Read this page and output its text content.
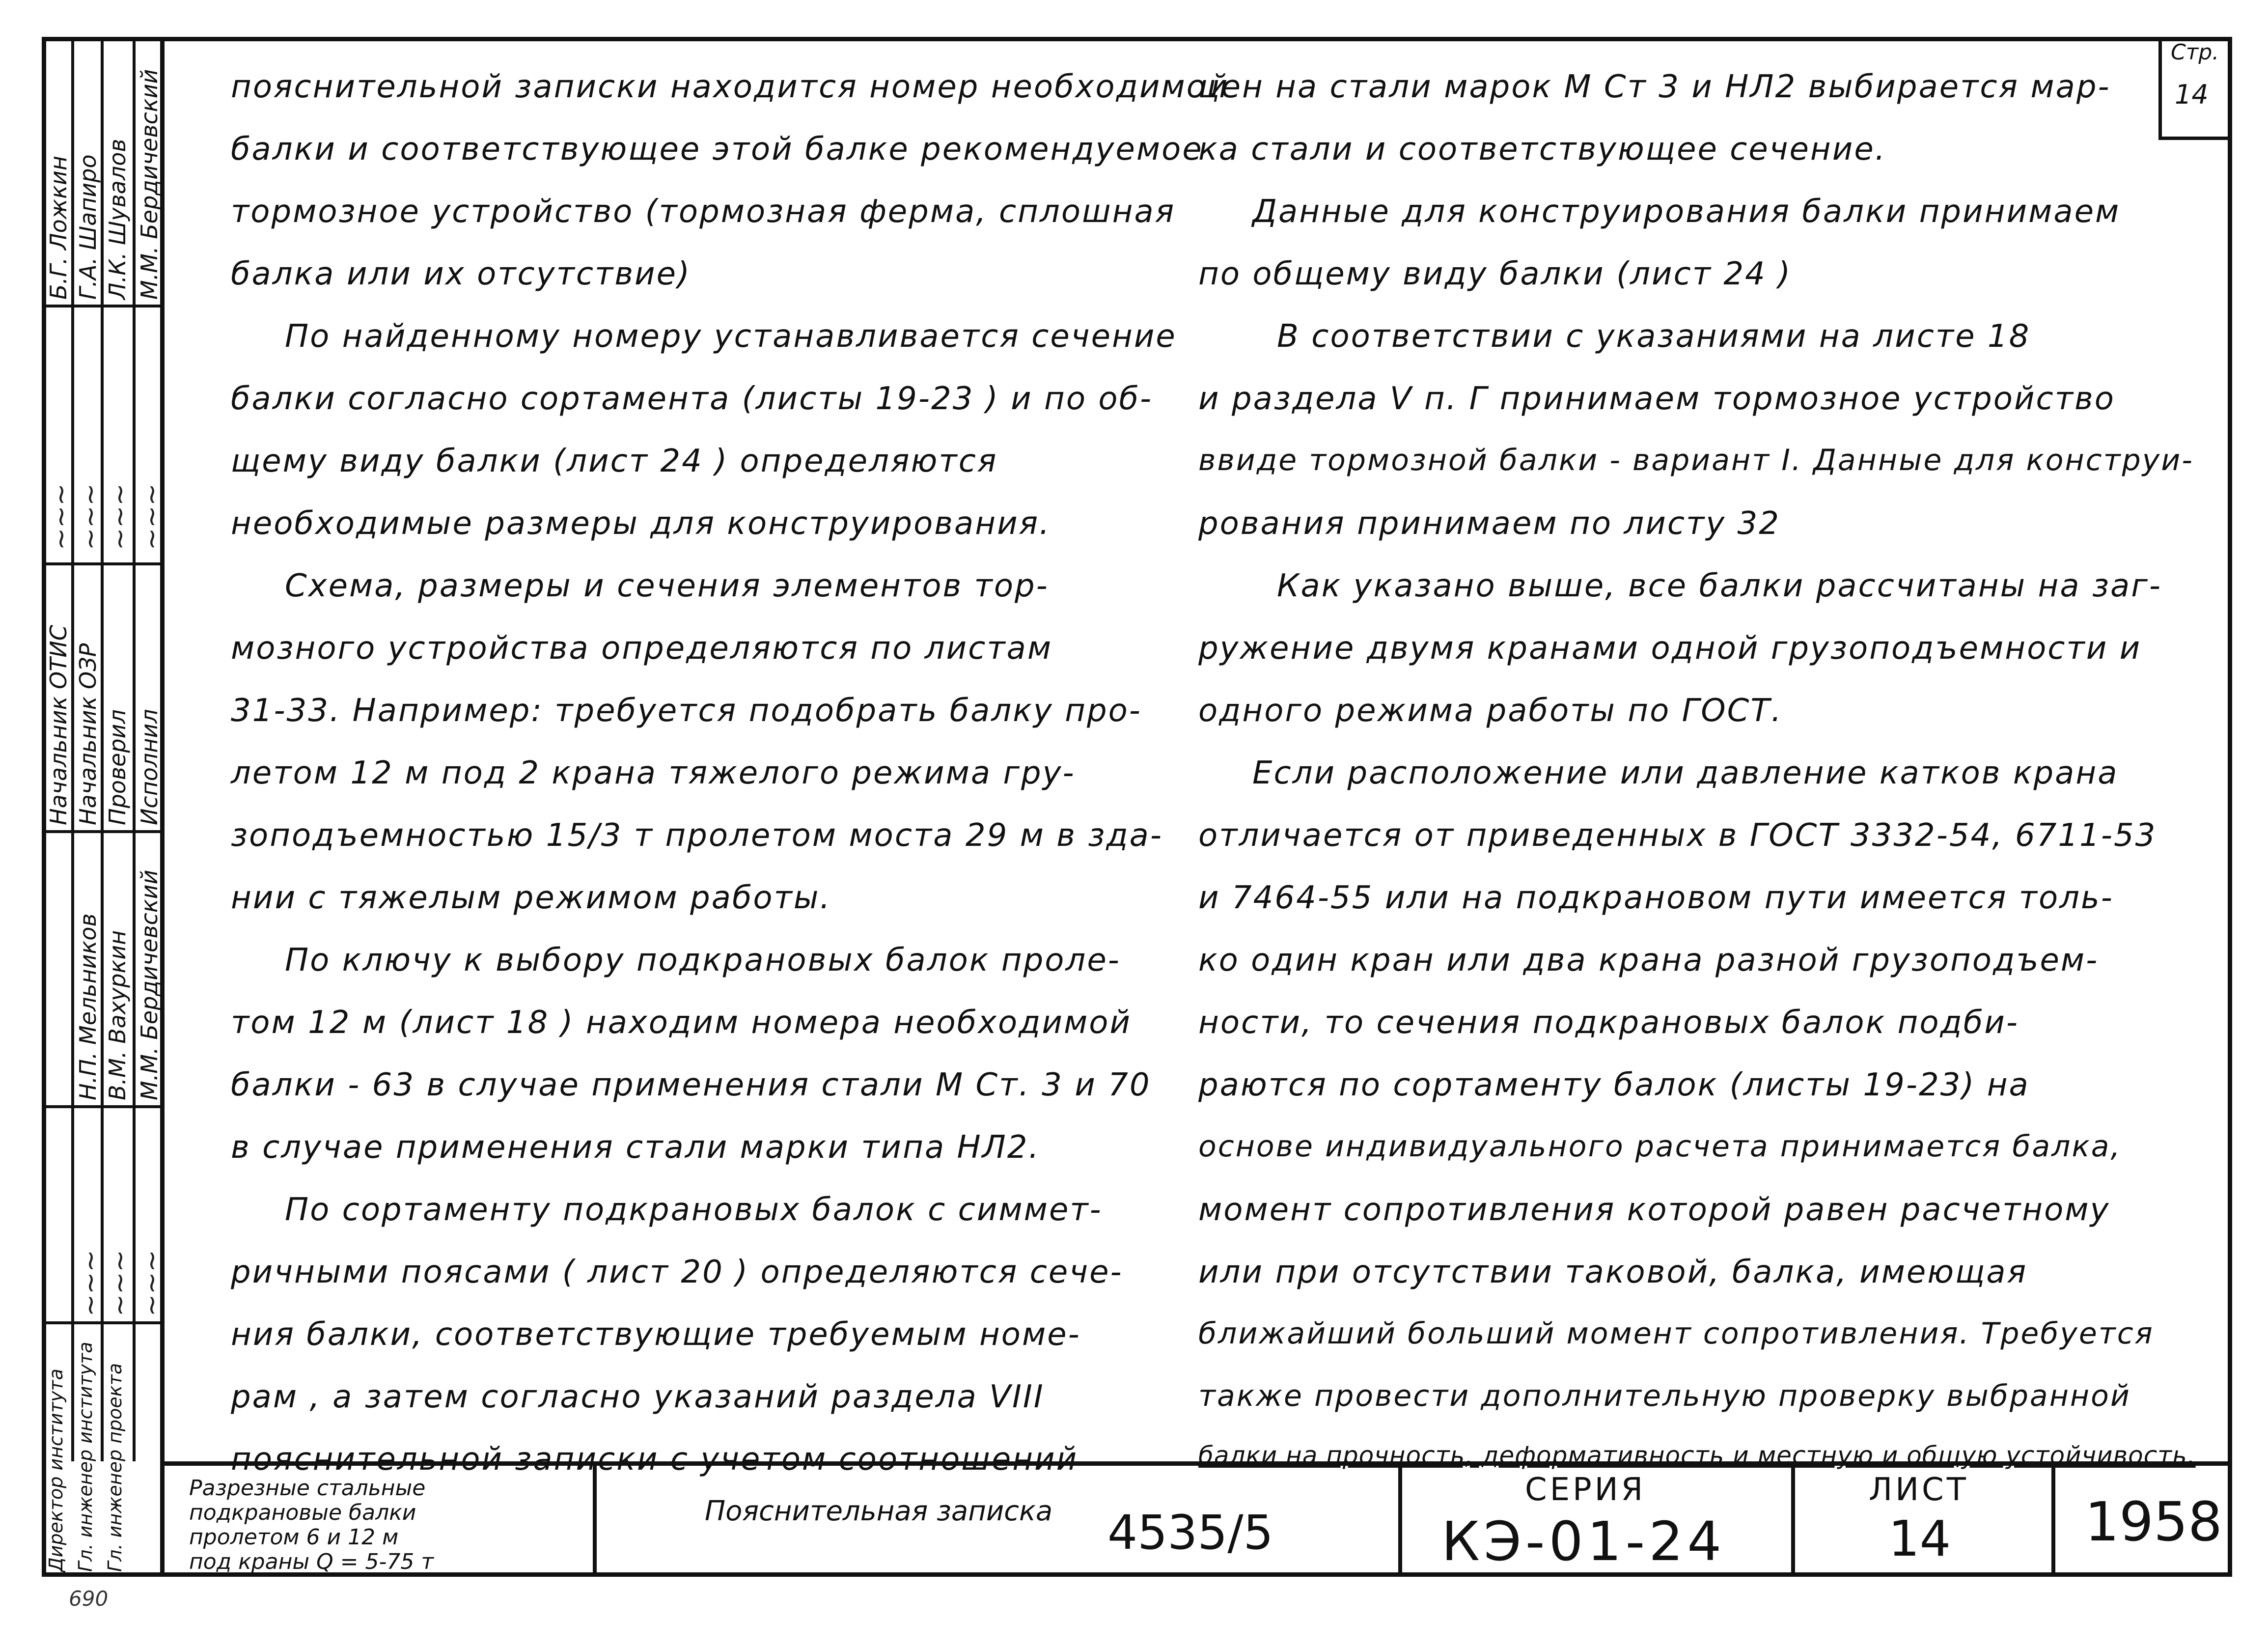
Б.Г. Ложкин Г.А. Шапиро Л.К. Шувалов М.М. Бердичевский
~~~
~~~
~~~ ~~~
Начальник ОТИС Начальник ОЗР Проверил Исполнил
Н.П. Мельников В.М. Вахуркин М.М. Бердичевский
~~~
~~~ ~~~
Директор института Гл. инженер института Гл. инженер проекта
Стр.
14
пояснительной записки находится номер необходимой
балки и соответствующее этой балке рекомендуемое
тормозное устройство (тормозная ферма, сплошная
балка или их отсутствие)
По найденному номеру устанавливается сечение
балки согласно сортамента (листы 19-23 ) и по об-
щему виду балки (лист 24 ) определяются
необходимые размеры для конструирования.
Схема, размеры и сечения элементов тор-
мозного устройства определяются по листам
31-33. Например: требуется подобрать балку про-
летом 12 м под 2 крана тяжелого режима гру-
зоподъемностью 15/3 т пролетом моста 29 м в зда-
нии с тяжелым режимом работы.
По ключу к выбору подкрановых балок проле-
том 12 м (лист 18 ) находим номера необходимой
балки - 63 в случае применения стали М Ст. 3 и 70
в случае применения стали марки типа НЛ2.
По сортаменту подкрановых балок с симмет-
ричными поясами ( лист 20 ) определяются сече-
ния балки, соответствующие требуемым номе-
рам , а затем согласно указаний раздела VIII
пояснительной записки с учетом соотношений
цен на стали марок М Ст 3 и НЛ2 выбирается мар-
ка стали и соответствующее сечение.
Данные для конструирования балки принимаем
по общему виду балки (лист 24 )
В соответствии с указаниями на листе 18
и раздела V п. Г принимаем тормозное устройство
ввиде тормозной балки - вариант I. Данные для конструи-
рования принимаем по листу 32
Как указано выше, все балки рассчитаны на заг-
ружение двумя кранами одной грузоподъемности и
одного режима работы по ГОСТ.
Если расположение или давление катков крана
отличается от приведенных в ГОСТ 3332-54, 6711-53
и 7464-55 или на подкрановом пути имеется толь-
ко один кран или два крана разной грузоподъем-
ности, то сечения подкрановых балок подби-
раются по сортаменту балок (листы 19-23) на
основе индивидуального расчета принимается балка,
момент сопротивления которой равен расчетному
или при отсутствии таковой, балка, имеющая
ближайший больший момент сопротивления. Требуется
также провести дополнительную проверку выбранной
балки на прочность, деформативность и местную и общую устойчивость.
Разрезные стальные
подкрановые балки
пролетом 6 и 12 м
под краны Q = 5-75 т
Пояснительная записка 4535/5
СЕРИЯ
КЭ-01-24
ЛИСТ
14 1958
690
